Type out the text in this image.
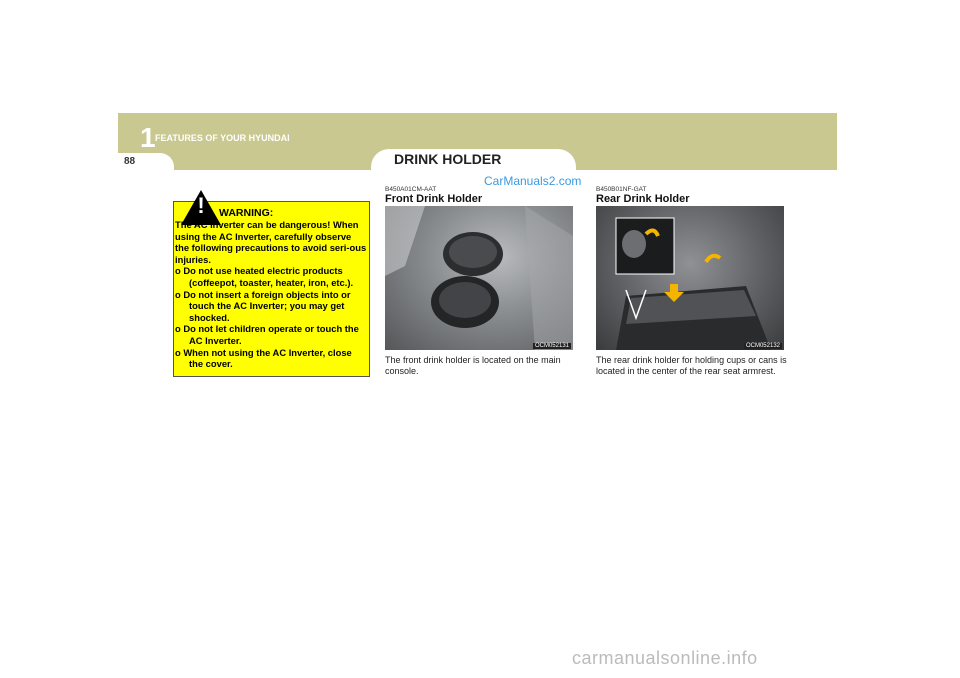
1 FEATURES OF YOUR HYUNDAI
88	DRINK HOLDER
!	WARNING:

The AC Inverter can be dangerous! When using the AC Inverter, carefully observe the following precautions to avoid seri-ous injuries.

o Do not use heated electric products (coffeepot, toaster, heater, iron, etc.).

o Do not insert a foreign objects into or touch the AC Inverter; you may get shocked.

o Do not let children operate or touch the AC Inverter.

o When not using the AC Inverter, close the cover.

CarManuals2.com
B450A01CM-AAT
Front Drink Holder
OCM052131
The front drink holder is located on the main console.
B450B01NF-GAT
Rear Drink Holder
OCM052132
The rear drink holder for holding cups or cans is located in the center of the rear seat armrest.
carmanualsonline.info
